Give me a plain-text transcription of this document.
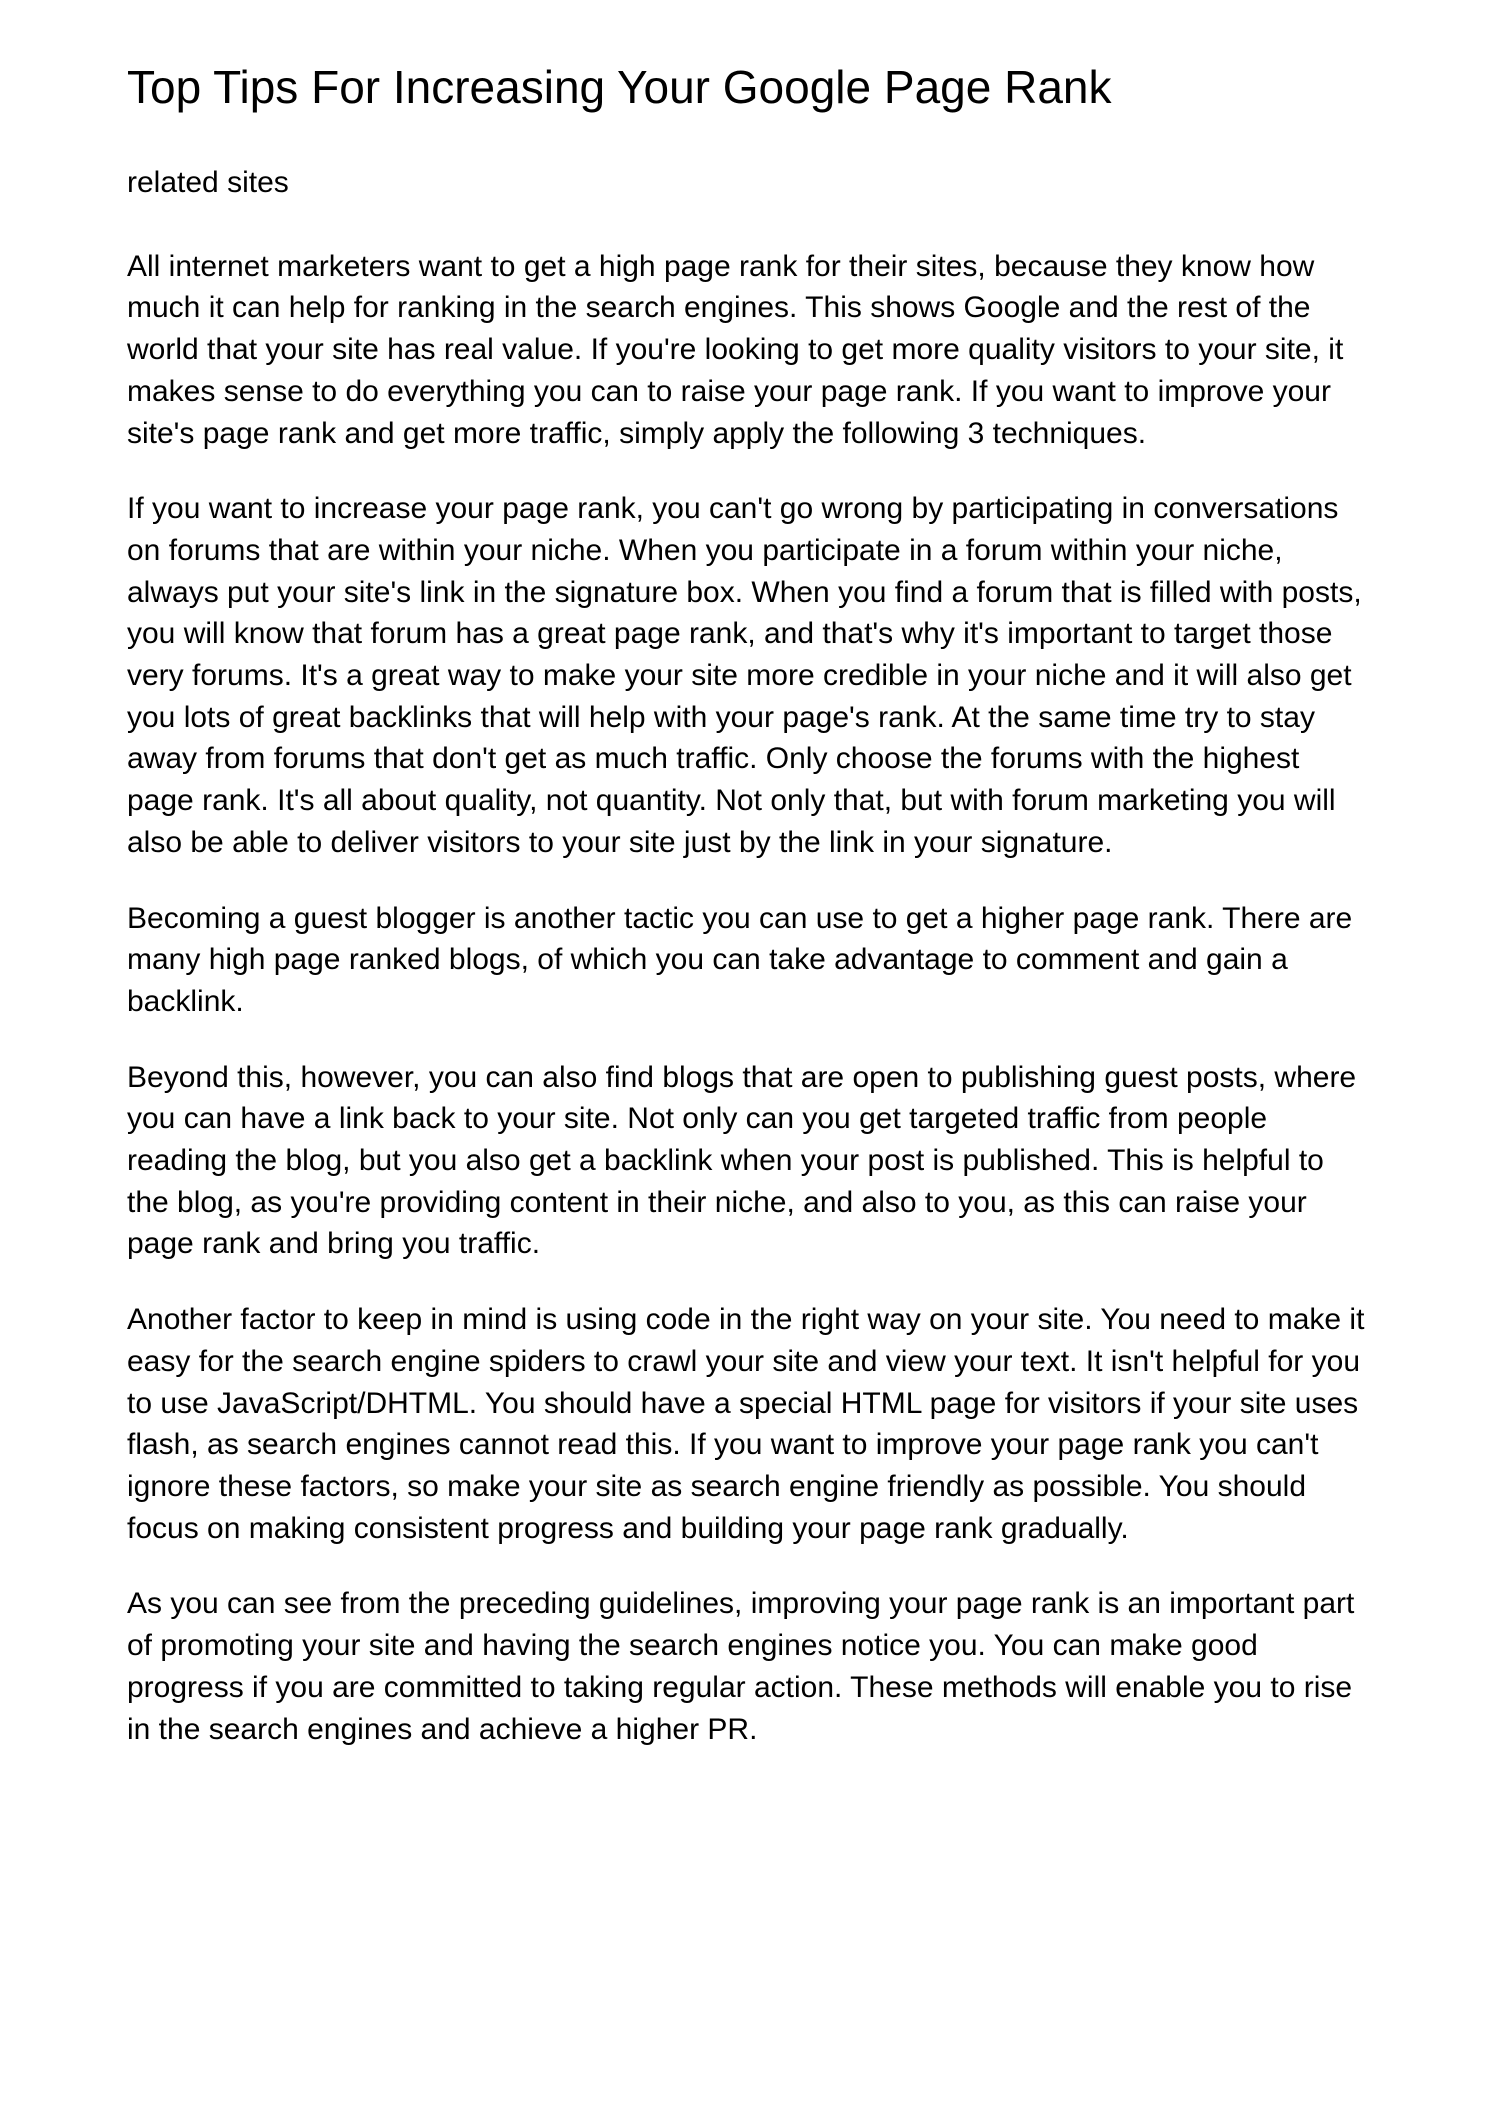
Top Tips For Increasing Your Google Page Rank

related sites

All internet marketers want to get a high page rank for their sites, because they know how much it can help for ranking in the search engines. This shows Google and the rest of the world that your site has real value. If you're looking to get more quality visitors to your site, it makes sense to do everything you can to raise your page rank. If you want to improve your site's page rank and get more traffic, simply apply the following 3 techniques.

If you want to increase your page rank, you can't go wrong by participating in conversations on forums that are within your niche. When you participate in a forum within your niche, always put your site's link in the signature box. When you find a forum that is filled with posts, you will know that forum has a great page rank, and that's why it's important to target those very forums. It's a great way to make your site more credible in your niche and it will also get you lots of great backlinks that will help with your page's rank. At the same time try to stay away from forums that don't get as much traffic. Only choose the forums with the highest page rank. It's all about quality, not quantity. Not only that, but with forum marketing you will also be able to deliver visitors to your site just by the link in your signature.

Becoming a guest blogger is another tactic you can use to get a higher page rank. There are many high page ranked blogs, of which you can take advantage to comment and gain a backlink.

Beyond this, however, you can also find blogs that are open to publishing guest posts, where you can have a link back to your site. Not only can you get targeted traffic from people reading the blog, but you also get a backlink when your post is published. This is helpful to the blog, as you're providing content in their niche, and also to you, as this can raise your page rank and bring you traffic.

Another factor to keep in mind is using code in the right way on your site. You need to make it easy for the search engine spiders to crawl your site and view your text. It isn't helpful for you to use JavaScript/DHTML. You should have a special HTML page for visitors if your site uses flash, as search engines cannot read this. If you want to improve your page rank you can't ignore these factors, so make your site as search engine friendly as possible. You should focus on making consistent progress and building your page rank gradually.

As you can see from the preceding guidelines, improving your page rank is an important part of promoting your site and having the search engines notice you. You can make good progress if you are committed to taking regular action. These methods will enable you to rise in the search engines and achieve a higher PR.
